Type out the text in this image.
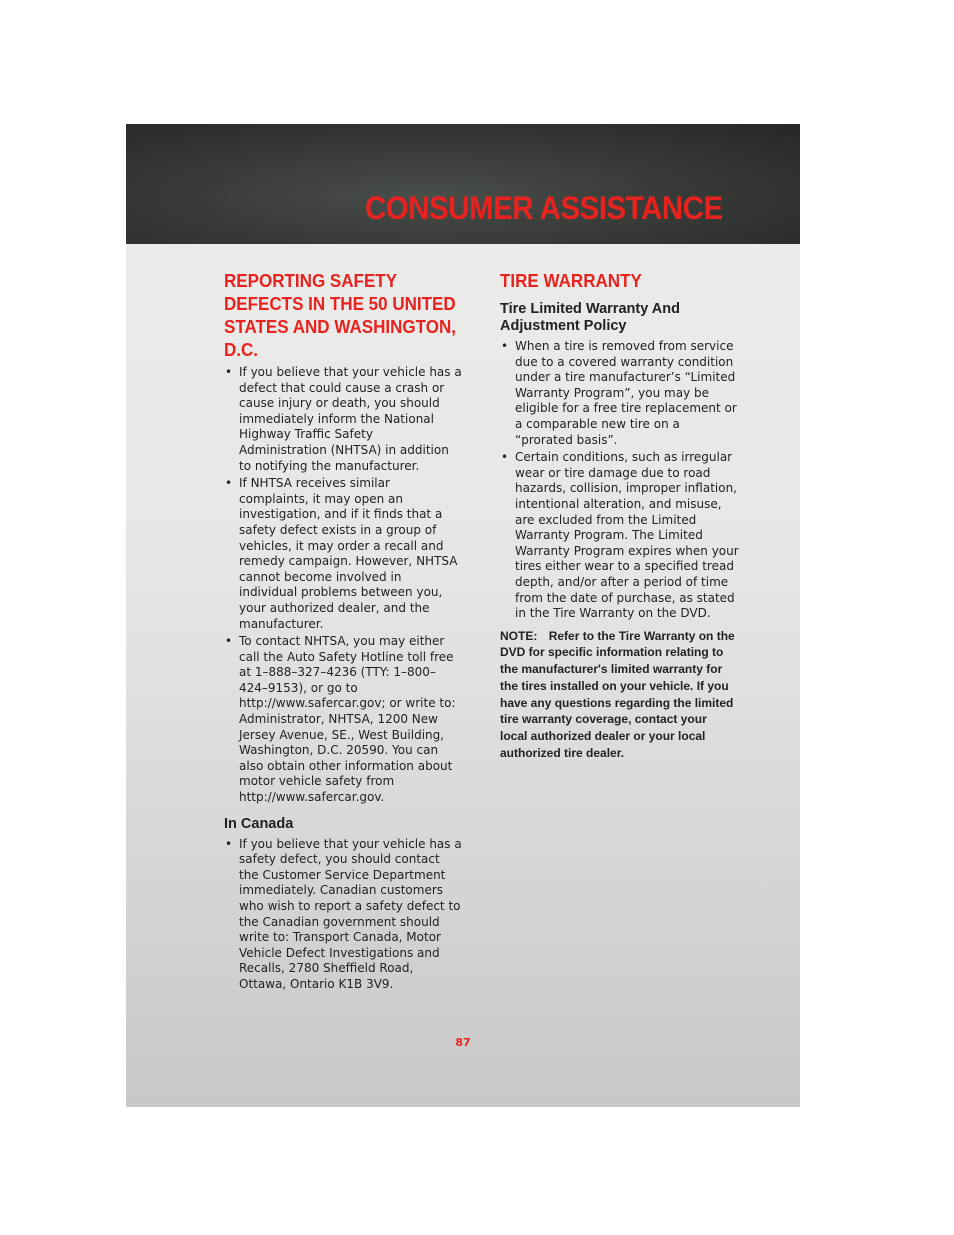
CONSUMER ASSISTANCE
REPORTING SAFETY DEFECTS IN THE 50 UNITED STATES AND WASHINGTON, D.C.
• If you believe that your vehicle has a defect that could cause a crash or cause injury or death, you should immediately inform the National Highway Traffic Safety Administration (NHTSA) in addition to notifying the manufacturer.
• If NHTSA receives similar complaints, it may open an investigation, and if it finds that a safety defect exists in a group of vehicles, it may order a recall and remedy campaign. However, NHTSA cannot become involved in individual problems between you, your authorized dealer, and the manufacturer.
• To contact NHTSA, you may either call the Auto Safety Hotline toll free at 1–888–327–4236 (TTY: 1–800–424–9153), or go to http://www.safercar.gov; or write to: Administrator, NHTSA, 1200 New Jersey Avenue, SE., West Building, Washington, D.C. 20590. You can also obtain other information about motor vehicle safety from http://www.safercar.gov.
In Canada
• If you believe that your vehicle has a safety defect, you should contact the Customer Service Department immediately. Canadian customers who wish to report a safety defect to the Canadian government should write to: Transport Canada, Motor Vehicle Defect Investigations and Recalls, 2780 Sheffield Road, Ottawa, Ontario K1B 3V9.
TIRE WARRANTY
Tire Limited Warranty And Adjustment Policy
• When a tire is removed from service due to a covered warranty condition under a tire manufacturer’s “Limited Warranty Program”, you may be eligible for a free tire replacement or a comparable new tire on a “prorated basis”.
• Certain conditions, such as irregular wear or tire damage due to road hazards, collision, improper inflation, intentional alteration, and misuse, are excluded from the Limited Warranty Program. The Limited Warranty Program expires when your tires either wear to a specified tread depth, and/or after a period of time from the date of purchase, as stated in the Tire Warranty on the DVD.

NOTE: Refer to the Tire Warranty on the DVD for specific information relating to the manufacturer's limited warranty for the tires installed on your vehicle. If you have any questions regarding the limited tire warranty coverage, contact your local authorized dealer or your local authorized tire dealer.

87
